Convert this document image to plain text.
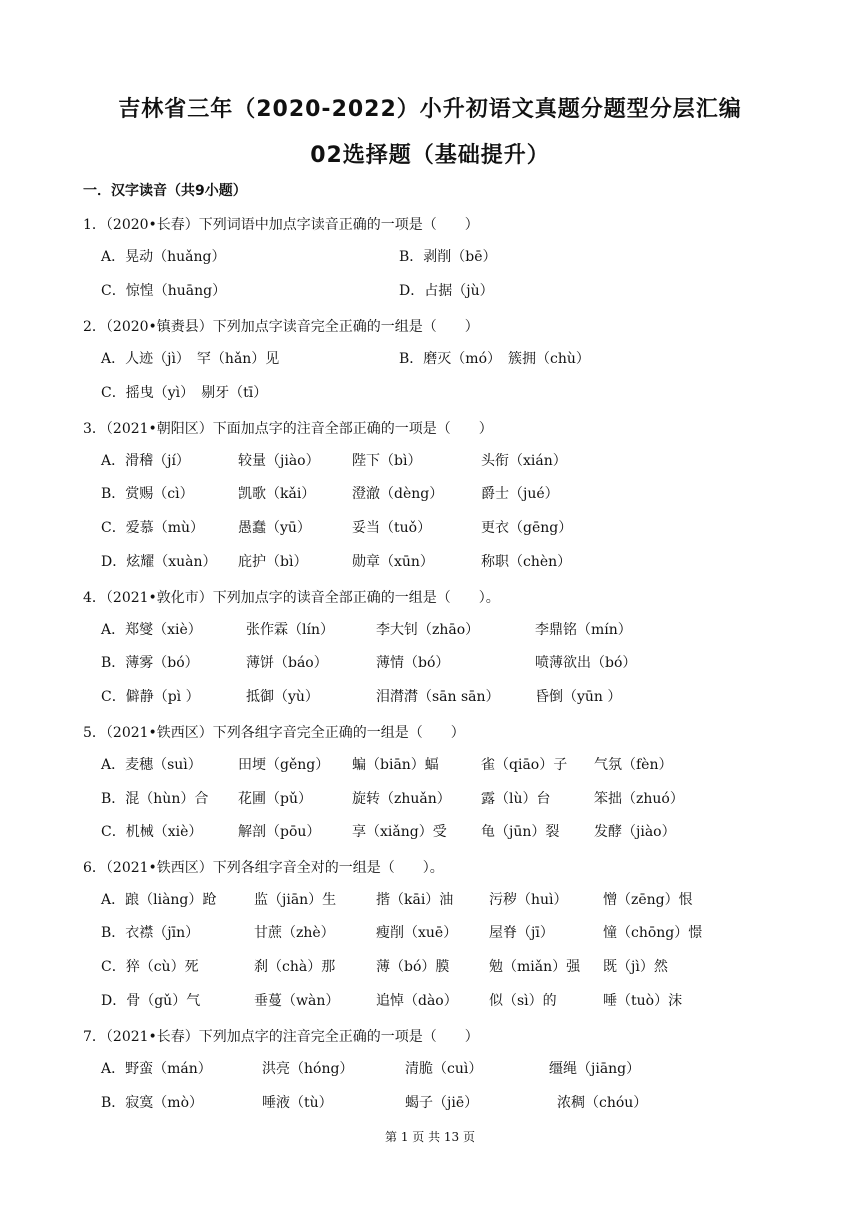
吉林省三年（2020-2022）小升初语文真题分题型分层汇编
02选择题（基础提升）
一．汉字读音（共9小题）
1．（2020•长春）下列词语中加点字读音正确的一项是（　　）
A．晃动（huǎng）	B．剥削（bē）
C．惊惶（huāng）	D．占据（jù）
2．（2020•镇赉县）下列加点字读音完全正确的一组是（　　）
A．人迹（jì）　罕（hǎn）见	B．磨灭（mó）　簇拥（chù）
C．摇曳（yì）　剔牙（tī）
3．（2021•朝阳区）下面加点字的注音全部正确的一项是（　　）
A．滑稽（jí）	较量（jiào） 陛下（bì）	头衔（xián）
B．赏赐（cì）	凯歌（kǎi）	澄澈（dèng）	爵士（jué）
C．爱慕（mù） 愚蠢（yū）	妥当（tuǒ）	更衣（gēng）
D．炫耀（xuàn） 庇护（bì）	勋章（xūn）	称职（chèn）
4．（2021•敦化市）下列加点字的读音全部正确的一组是（　　）。
A．郑燮（xiè）	张作霖（lín）	李大钊（zhāo）	李鼎铭（mín）
B．薄雾（bó）	薄饼（báo）	薄情（bó）	喷薄欲出（bó）
C．僻静（pì ）	抵御（yù）	泪潸潸（sān sān）	昏倒（yūn ）
5．（2021•铁西区）下列各组字音完全正确的一组是（　　）
A．麦穗（suì）	田埂（gěng） 蝙（biān）蝠	雀（qiāo）子 气氛（fèn）
B．混（hùn）合 花圃（pǔ）	旋转（zhuǎn） 露（lù）台	笨拙（zhuó）
C．机械（xiè）	解剖（pōu） 享（xiǎng）受 龟（jūn）裂 发酵（jiào）
6．（2021•铁西区）下列各组字音全对的一组是（　　）。
A．踉（liàng）跄	监（jiān）生	揩（kāi）油	污秽（huì）	憎（zēng）恨
B．衣襟（jīn）	甘蔗（zhè）	瘦削（xuē） 屋脊（jī）	憧（chōng）憬
C．猝（cù）死	刹（chà）那	薄（bó）膜	勉（miǎn）强 既（jì）然
D．骨（gǔ）气	垂蔓（wàn）	追悼（dào） 似（sì）的	唾（tuò）沫
7．（2021•长春）下列加点字的注音完全正确的一项是（　　）
A．野蛮（mán）	洪亮（hóng）	清脆（cuì）	缰绳（jiāng）
B．寂寞（mò）	唾液（tù）	蝎子（jiē）	浓稠（chóu）
第 1 页 共 13 页
